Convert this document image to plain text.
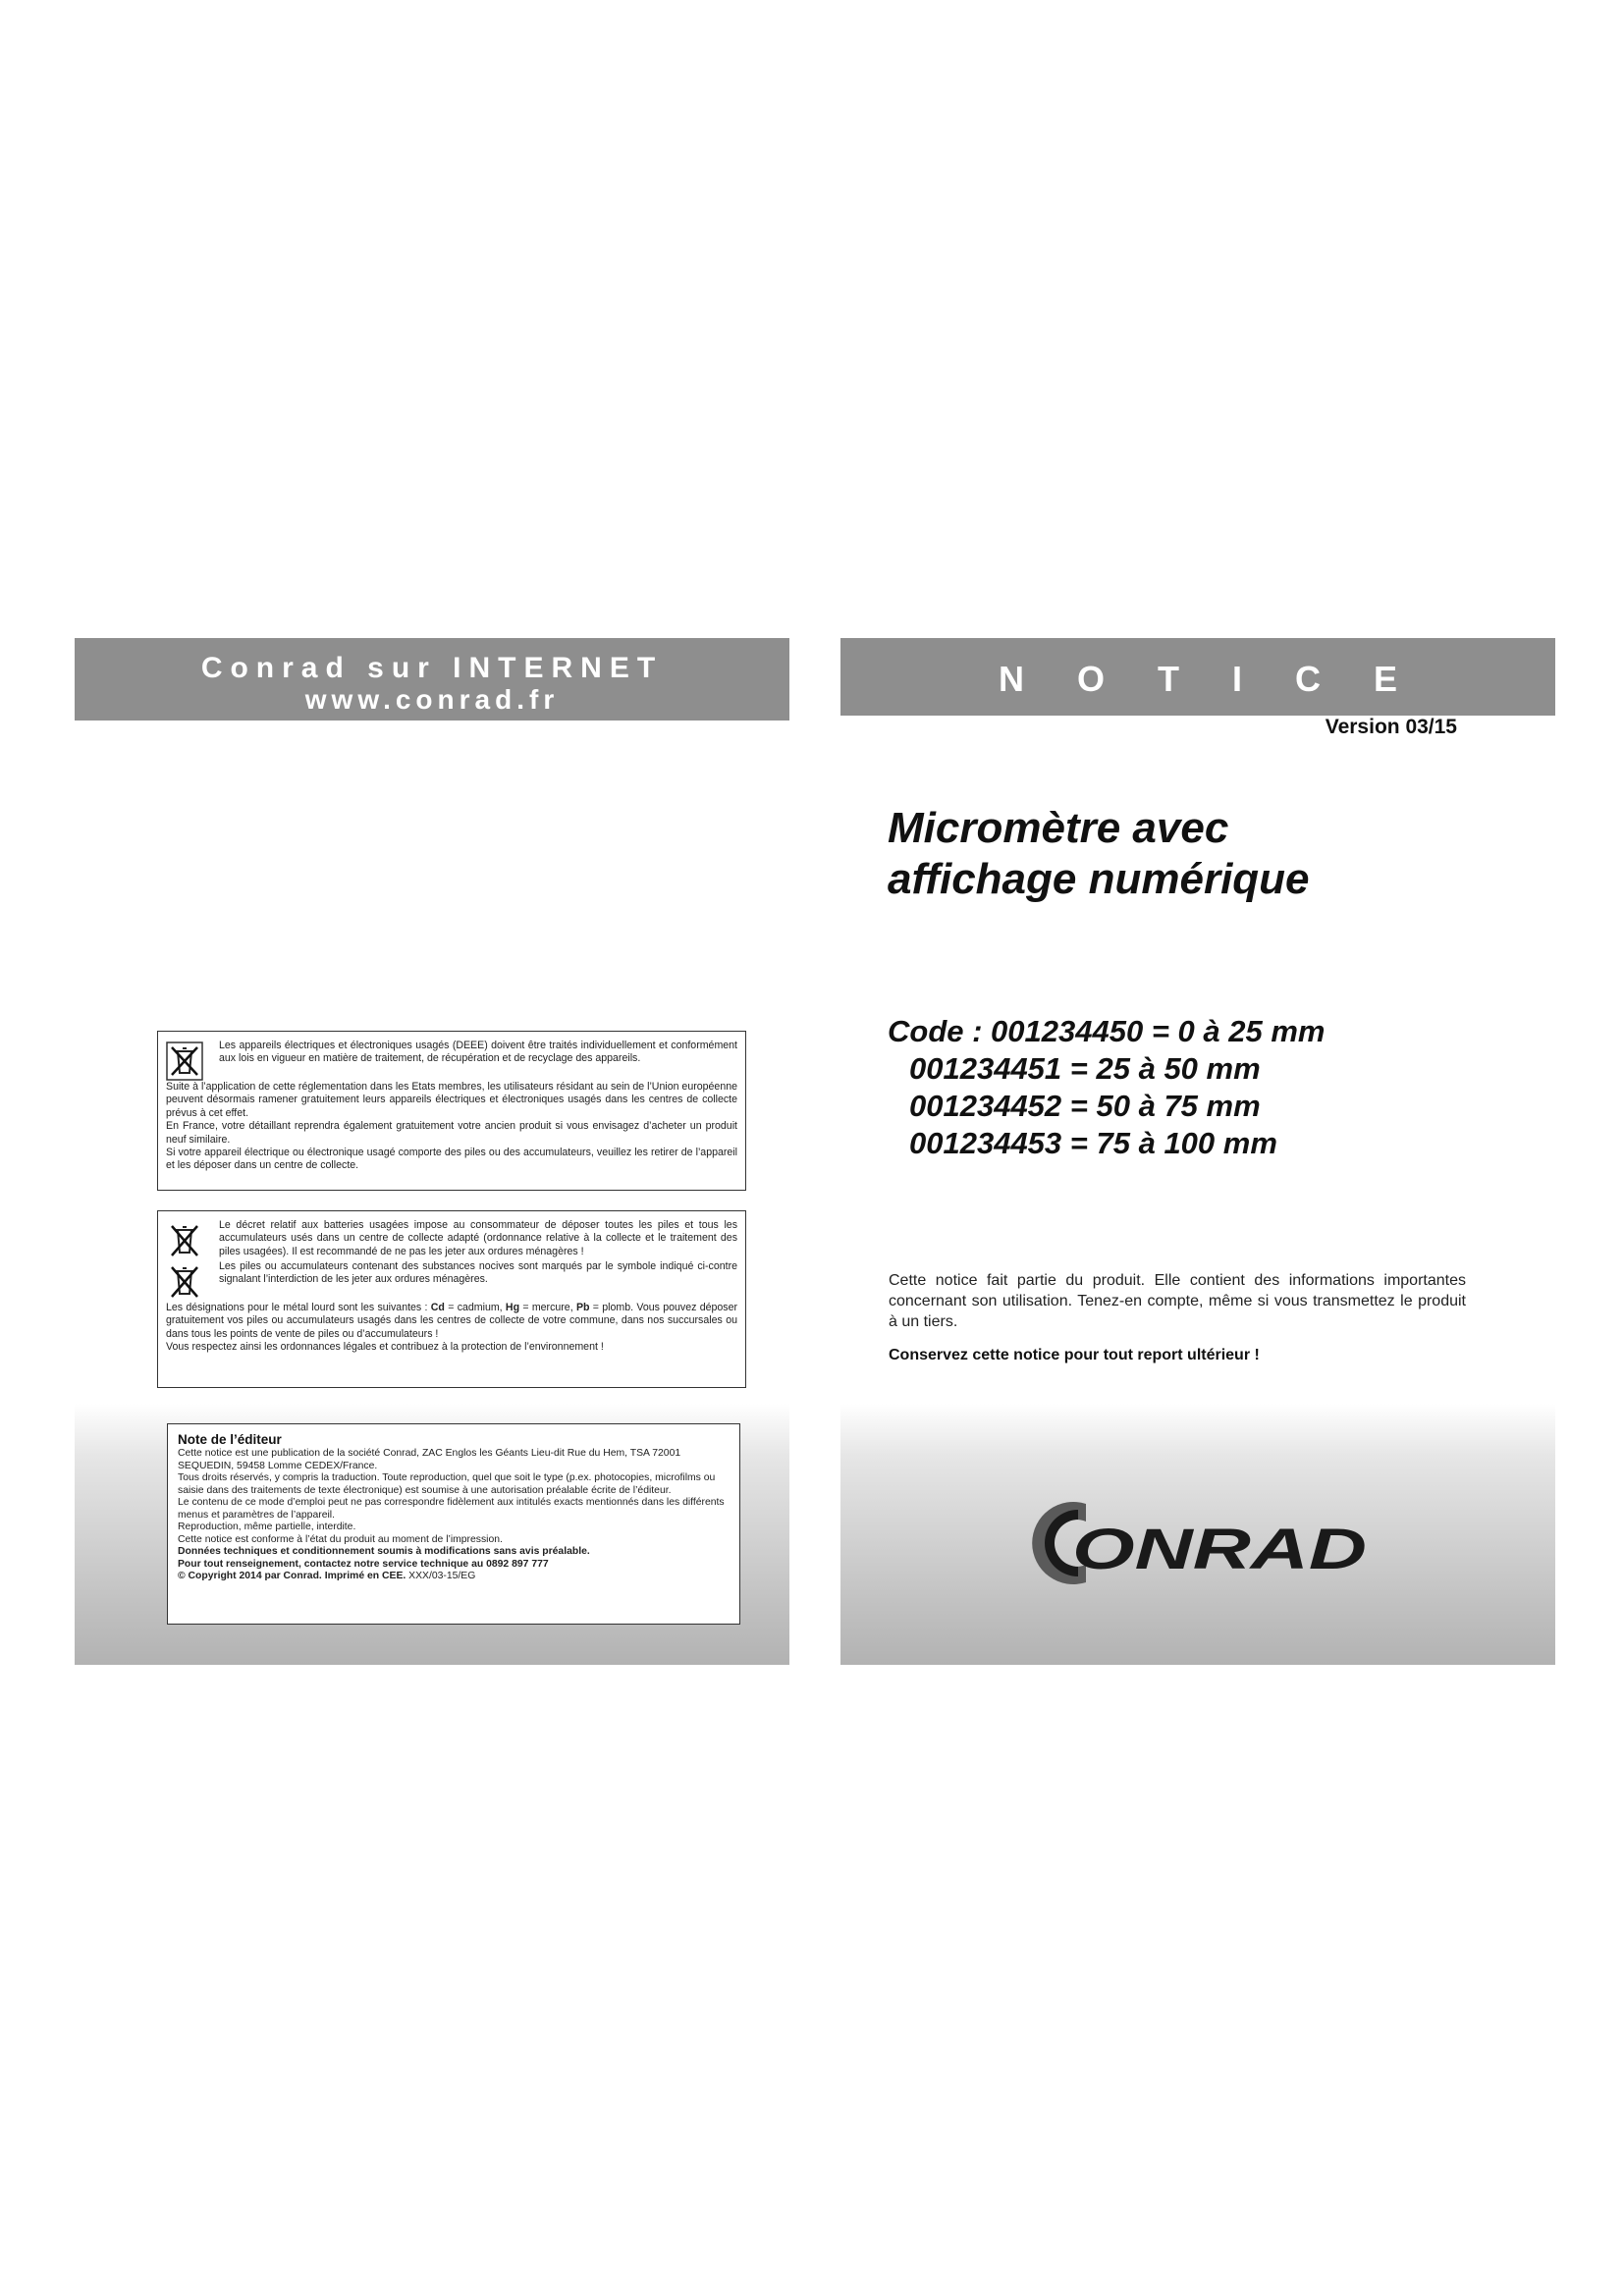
Conrad sur INTERNET
www.conrad.fr

Les appareils électriques et électroniques usagés (DEEE) doivent être traités individuellement et conformément aux lois en vigueur en matière de traitement, de récupération et de recyclage des appareils.

Suite à l’application de cette réglementation dans les Etats membres, les utilisateurs résidant au sein de l’Union européenne peuvent désormais ramener gratuitement leurs appareils électriques et électroniques usagés dans les centres de collecte prévus à cet effet.

En France, votre détaillant reprendra également gratuitement votre ancien produit si vous envisagez d’acheter un produit neuf similaire.

Si votre appareil électrique ou électronique usagé comporte des piles ou des accumulateurs, veuillez les retirer de l’appareil et les déposer dans un centre de collecte.

Le décret relatif aux batteries usagées impose au consommateur de déposer toutes les piles et tous les accumulateurs usés dans un centre de collecte adapté (ordonnance relative à la collecte et le traitement des piles usagées). Il est recommandé de ne pas les jeter aux ordures ménagères !

Les piles ou accumulateurs contenant des substances nocives sont marqués par le symbole indiqué ci-contre signalant l’interdiction de les jeter aux ordures ménagères.

Les désignations pour le métal lourd sont les suivantes : Cd = cadmium, Hg = mercure, Pb = plomb. Vous pouvez déposer gratuitement vos piles ou accumulateurs usagés dans les centres de collecte de votre commune, dans nos succursales ou dans tous les points de vente de piles ou d’accumulateurs !

Vous respectez ainsi les ordonnances légales et contribuez à la protection de l’environnement !

Note de l’éditeur
Cette notice est une publication de la société Conrad, ZAC Englos les Géants Lieu-dit Rue du Hem, TSA 72001 SEQUEDIN, 59458 Lomme CEDEX/France.
Tous droits réservés, y compris la traduction. Toute reproduction, quel que soit le type (p.ex. photocopies, microfilms ou saisie dans des traitements de texte électronique) est soumise à une autorisation préalable écrite de l’éditeur.
Le contenu de ce mode d’emploi peut ne pas correspondre fidèlement aux intitulés exacts mentionnés dans les différents menus et paramètres de l’appareil.
Reproduction, même partielle, interdite.
Cette notice est conforme à l’état du produit au moment de l’impression.
Données techniques et conditionnement soumis à modifications sans avis préalable.
Pour tout renseignement, contactez notre service technique au 0892 897 777
© Copyright 2014 par Conrad. Imprimé en CEE. XXX/03-15/EG
NOTICE
Version 03/15
Micromètre avec
affichage numérique
Code : 001234450 = 0 à 25 mm
001234451 = 25 à 50 mm
001234452 = 50 à 75 mm
001234453 = 75 à 100 mm
Cette notice fait partie du produit. Elle contient des informations importantes concernant son utilisation. Tenez-en compte, même si vous transmettez le produit à un tiers.
Conservez cette notice pour tout report ultérieur !
ONRAD
